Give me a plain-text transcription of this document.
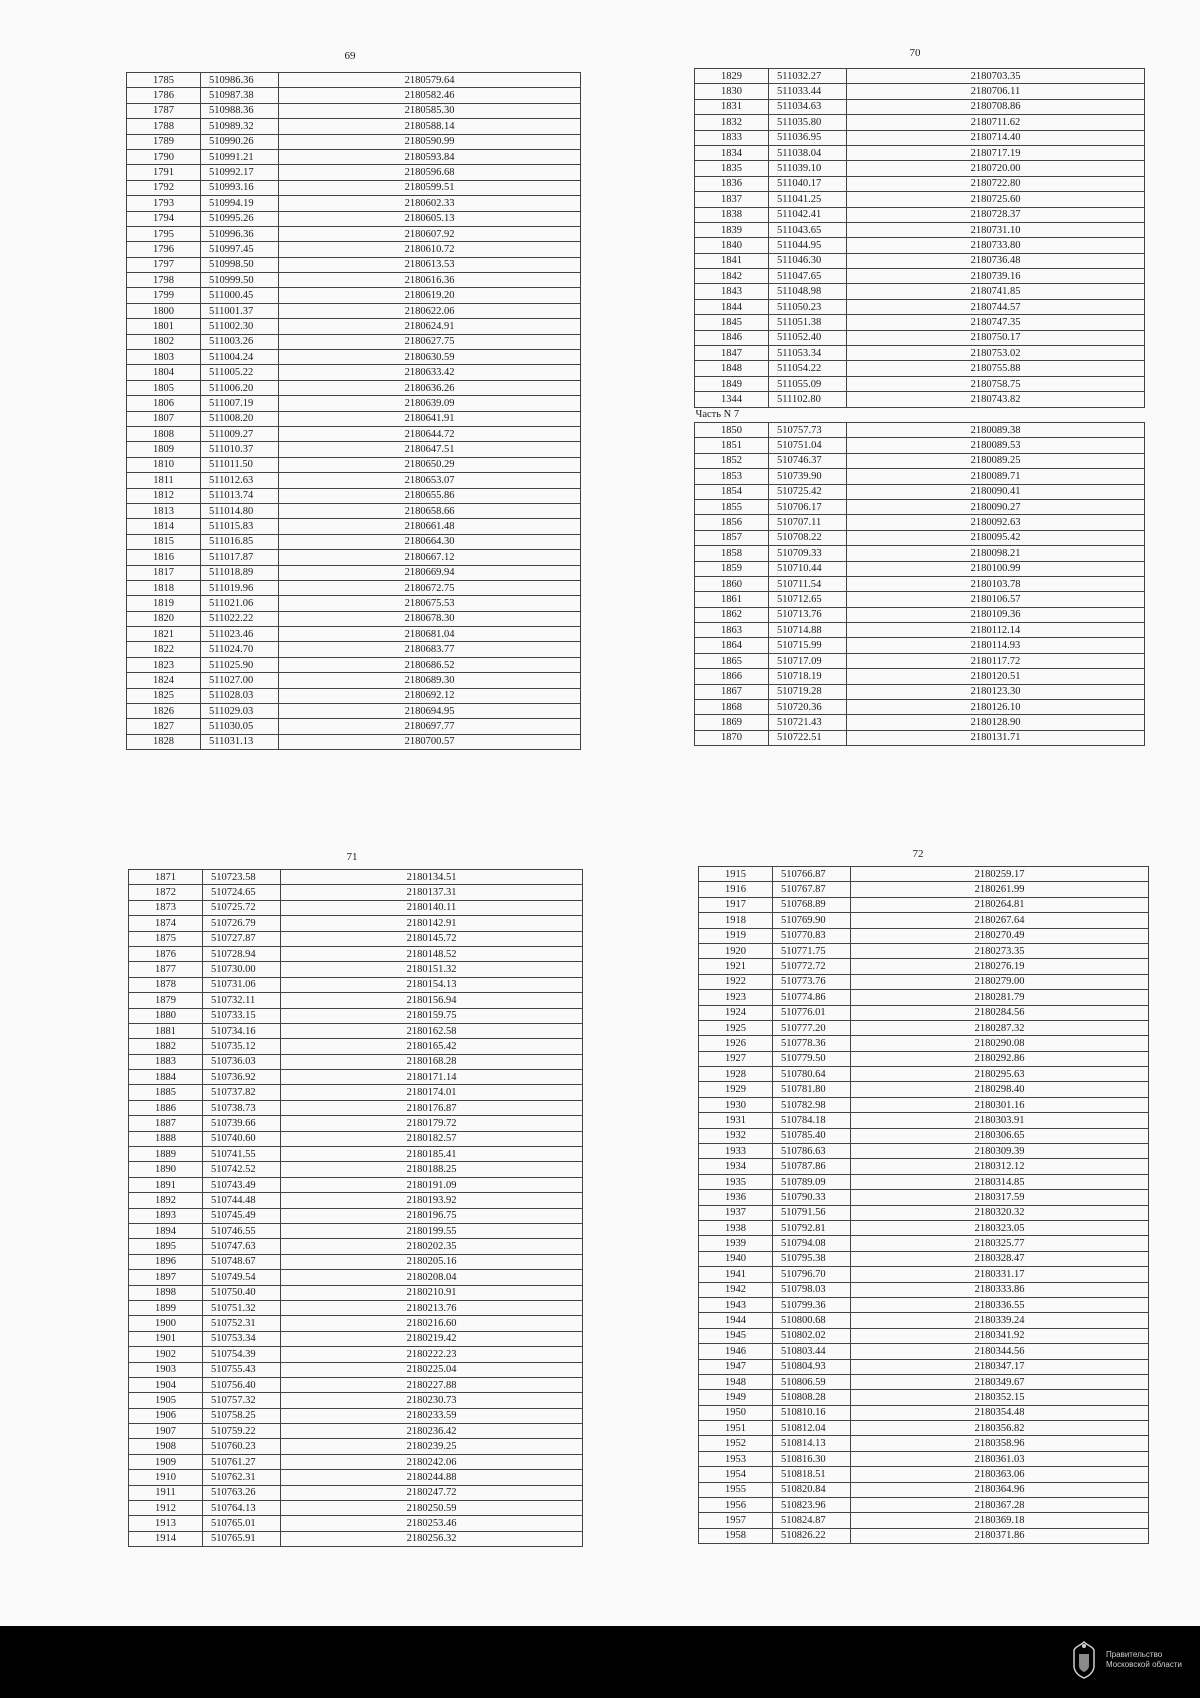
69
1785	510986.36	2180579.64
1786	510987.38	2180582.46
1787	510988.36	2180585.30
1788	510989.32	2180588.14
1789	510990.26	2180590.99
1790	510991.21	2180593.84
1791	510992.17	2180596.68
1792	510993.16	2180599.51
1793	510994.19	2180602.33
1794	510995.26	2180605.13
1795	510996.36	2180607.92
1796	510997.45	2180610.72
1797	510998.50	2180613.53
1798	510999.50	2180616.36
1799	511000.45	2180619.20
1800	511001.37	2180622.06
1801	511002.30	2180624.91
1802	511003.26	2180627.75
1803	511004.24	2180630.59
1804	511005.22	2180633.42
1805	511006.20	2180636.26
1806	511007.19	2180639.09
1807	511008.20	2180641.91
1808	511009.27	2180644.72
1809	511010.37	2180647.51
1810	511011.50	2180650.29
1811	511012.63	2180653.07
1812	511013.74	2180655.86
1813	511014.80	2180658.66
1814	511015.83	2180661.48
1815	511016.85	2180664.30
1816	511017.87	2180667.12
1817	511018.89	2180669.94
1818	511019.96	2180672.75
1819	511021.06	2180675.53
1820	511022.22	2180678.30
1821	511023.46	2180681.04
1822	511024.70	2180683.77
1823	511025.90	2180686.52
1824	511027.00	2180689.30
1825	511028.03	2180692.12
1826	511029.03	2180694.95
1827	511030.05	2180697.77
1828	511031.13	2180700.57
70
1829	511032.27	2180703.35
1830	511033.44	2180706.11
1831	511034.63	2180708.86
1832	511035.80	2180711.62
1833	511036.95	2180714.40
1834	511038.04	2180717.19
1835	511039.10	2180720.00
1836	511040.17	2180722.80
1837	511041.25	2180725.60
1838	511042.41	2180728.37
1839	511043.65	2180731.10
1840	511044.95	2180733.80
1841	511046.30	2180736.48
1842	511047.65	2180739.16
1843	511048.98	2180741.85
1844	511050.23	2180744.57
1845	511051.38	2180747.35
1846	511052.40	2180750.17
1847	511053.34	2180753.02
1848	511054.22	2180755.88
1849	511055.09	2180758.75
1344	511102.80	2180743.82
Часть N 7		
1850	510757.73	2180089.38
1851	510751.04	2180089.53
1852	510746.37	2180089.25
1853	510739.90	2180089.71
1854	510725.42	2180090.41
1855	510706.17	2180090.27
1856	510707.11	2180092.63
1857	510708.22	2180095.42
1858	510709.33	2180098.21
1859	510710.44	2180100.99
1860	510711.54	2180103.78
1861	510712.65	2180106.57
1862	510713.76	2180109.36
1863	510714.88	2180112.14
1864	510715.99	2180114.93
1865	510717.09	2180117.72
1866	510718.19	2180120.51
1867	510719.28	2180123.30
1868	510720.36	2180126.10
1869	510721.43	2180128.90
1870	510722.51	2180131.71
71
1871	510723.58	2180134.51
1872	510724.65	2180137.31
1873	510725.72	2180140.11
1874	510726.79	2180142.91
1875	510727.87	2180145.72
1876	510728.94	2180148.52
1877	510730.00	2180151.32
1878	510731.06	2180154.13
1879	510732.11	2180156.94
1880	510733.15	2180159.75
1881	510734.16	2180162.58
1882	510735.12	2180165.42
1883	510736.03	2180168.28
1884	510736.92	2180171.14
1885	510737.82	2180174.01
1886	510738.73	2180176.87
1887	510739.66	2180179.72
1888	510740.60	2180182.57
1889	510741.55	2180185.41
1890	510742.52	2180188.25
1891	510743.49	2180191.09
1892	510744.48	2180193.92
1893	510745.49	2180196.75
1894	510746.55	2180199.55
1895	510747.63	2180202.35
1896	510748.67	2180205.16
1897	510749.54	2180208.04
1898	510750.40	2180210.91
1899	510751.32	2180213.76
1900	510752.31	2180216.60
1901	510753.34	2180219.42
1902	510754.39	2180222.23
1903	510755.43	2180225.04
1904	510756.40	2180227.88
1905	510757.32	2180230.73
1906	510758.25	2180233.59
1907	510759.22	2180236.42
1908	510760.23	2180239.25
1909	510761.27	2180242.06
1910	510762.31	2180244.88
1911	510763.26	2180247.72
1912	510764.13	2180250.59
1913	510765.01	2180253.46
1914	510765.91	2180256.32
72
1915	510766.87	2180259.17
1916	510767.87	2180261.99
1917	510768.89	2180264.81
1918	510769.90	2180267.64
1919	510770.83	2180270.49
1920	510771.75	2180273.35
1921	510772.72	2180276.19
1922	510773.76	2180279.00
1923	510774.86	2180281.79
1924	510776.01	2180284.56
1925	510777.20	2180287.32
1926	510778.36	2180290.08
1927	510779.50	2180292.86
1928	510780.64	2180295.63
1929	510781.80	2180298.40
1930	510782.98	2180301.16
1931	510784.18	2180303.91
1932	510785.40	2180306.65
1933	510786.63	2180309.39
1934	510787.86	2180312.12
1935	510789.09	2180314.85
1936	510790.33	2180317.59
1937	510791.56	2180320.32
1938	510792.81	2180323.05
1939	510794.08	2180325.77
1940	510795.38	2180328.47
1941	510796.70	2180331.17
1942	510798.03	2180333.86
1943	510799.36	2180336.55
1944	510800.68	2180339.24
1945	510802.02	2180341.92
1946	510803.44	2180344.56
1947	510804.93	2180347.17
1948	510806.59	2180349.67
1949	510808.28	2180352.15
1950	510810.16	2180354.48
1951	510812.04	2180356.82
1952	510814.13	2180358.96
1953	510816.30	2180361.03
1954	510818.51	2180363.06
1955	510820.84	2180364.96
1956	510823.96	2180367.28
1957	510824.87	2180369.18
1958	510826.22	2180371.86
Правительство
Московской области
